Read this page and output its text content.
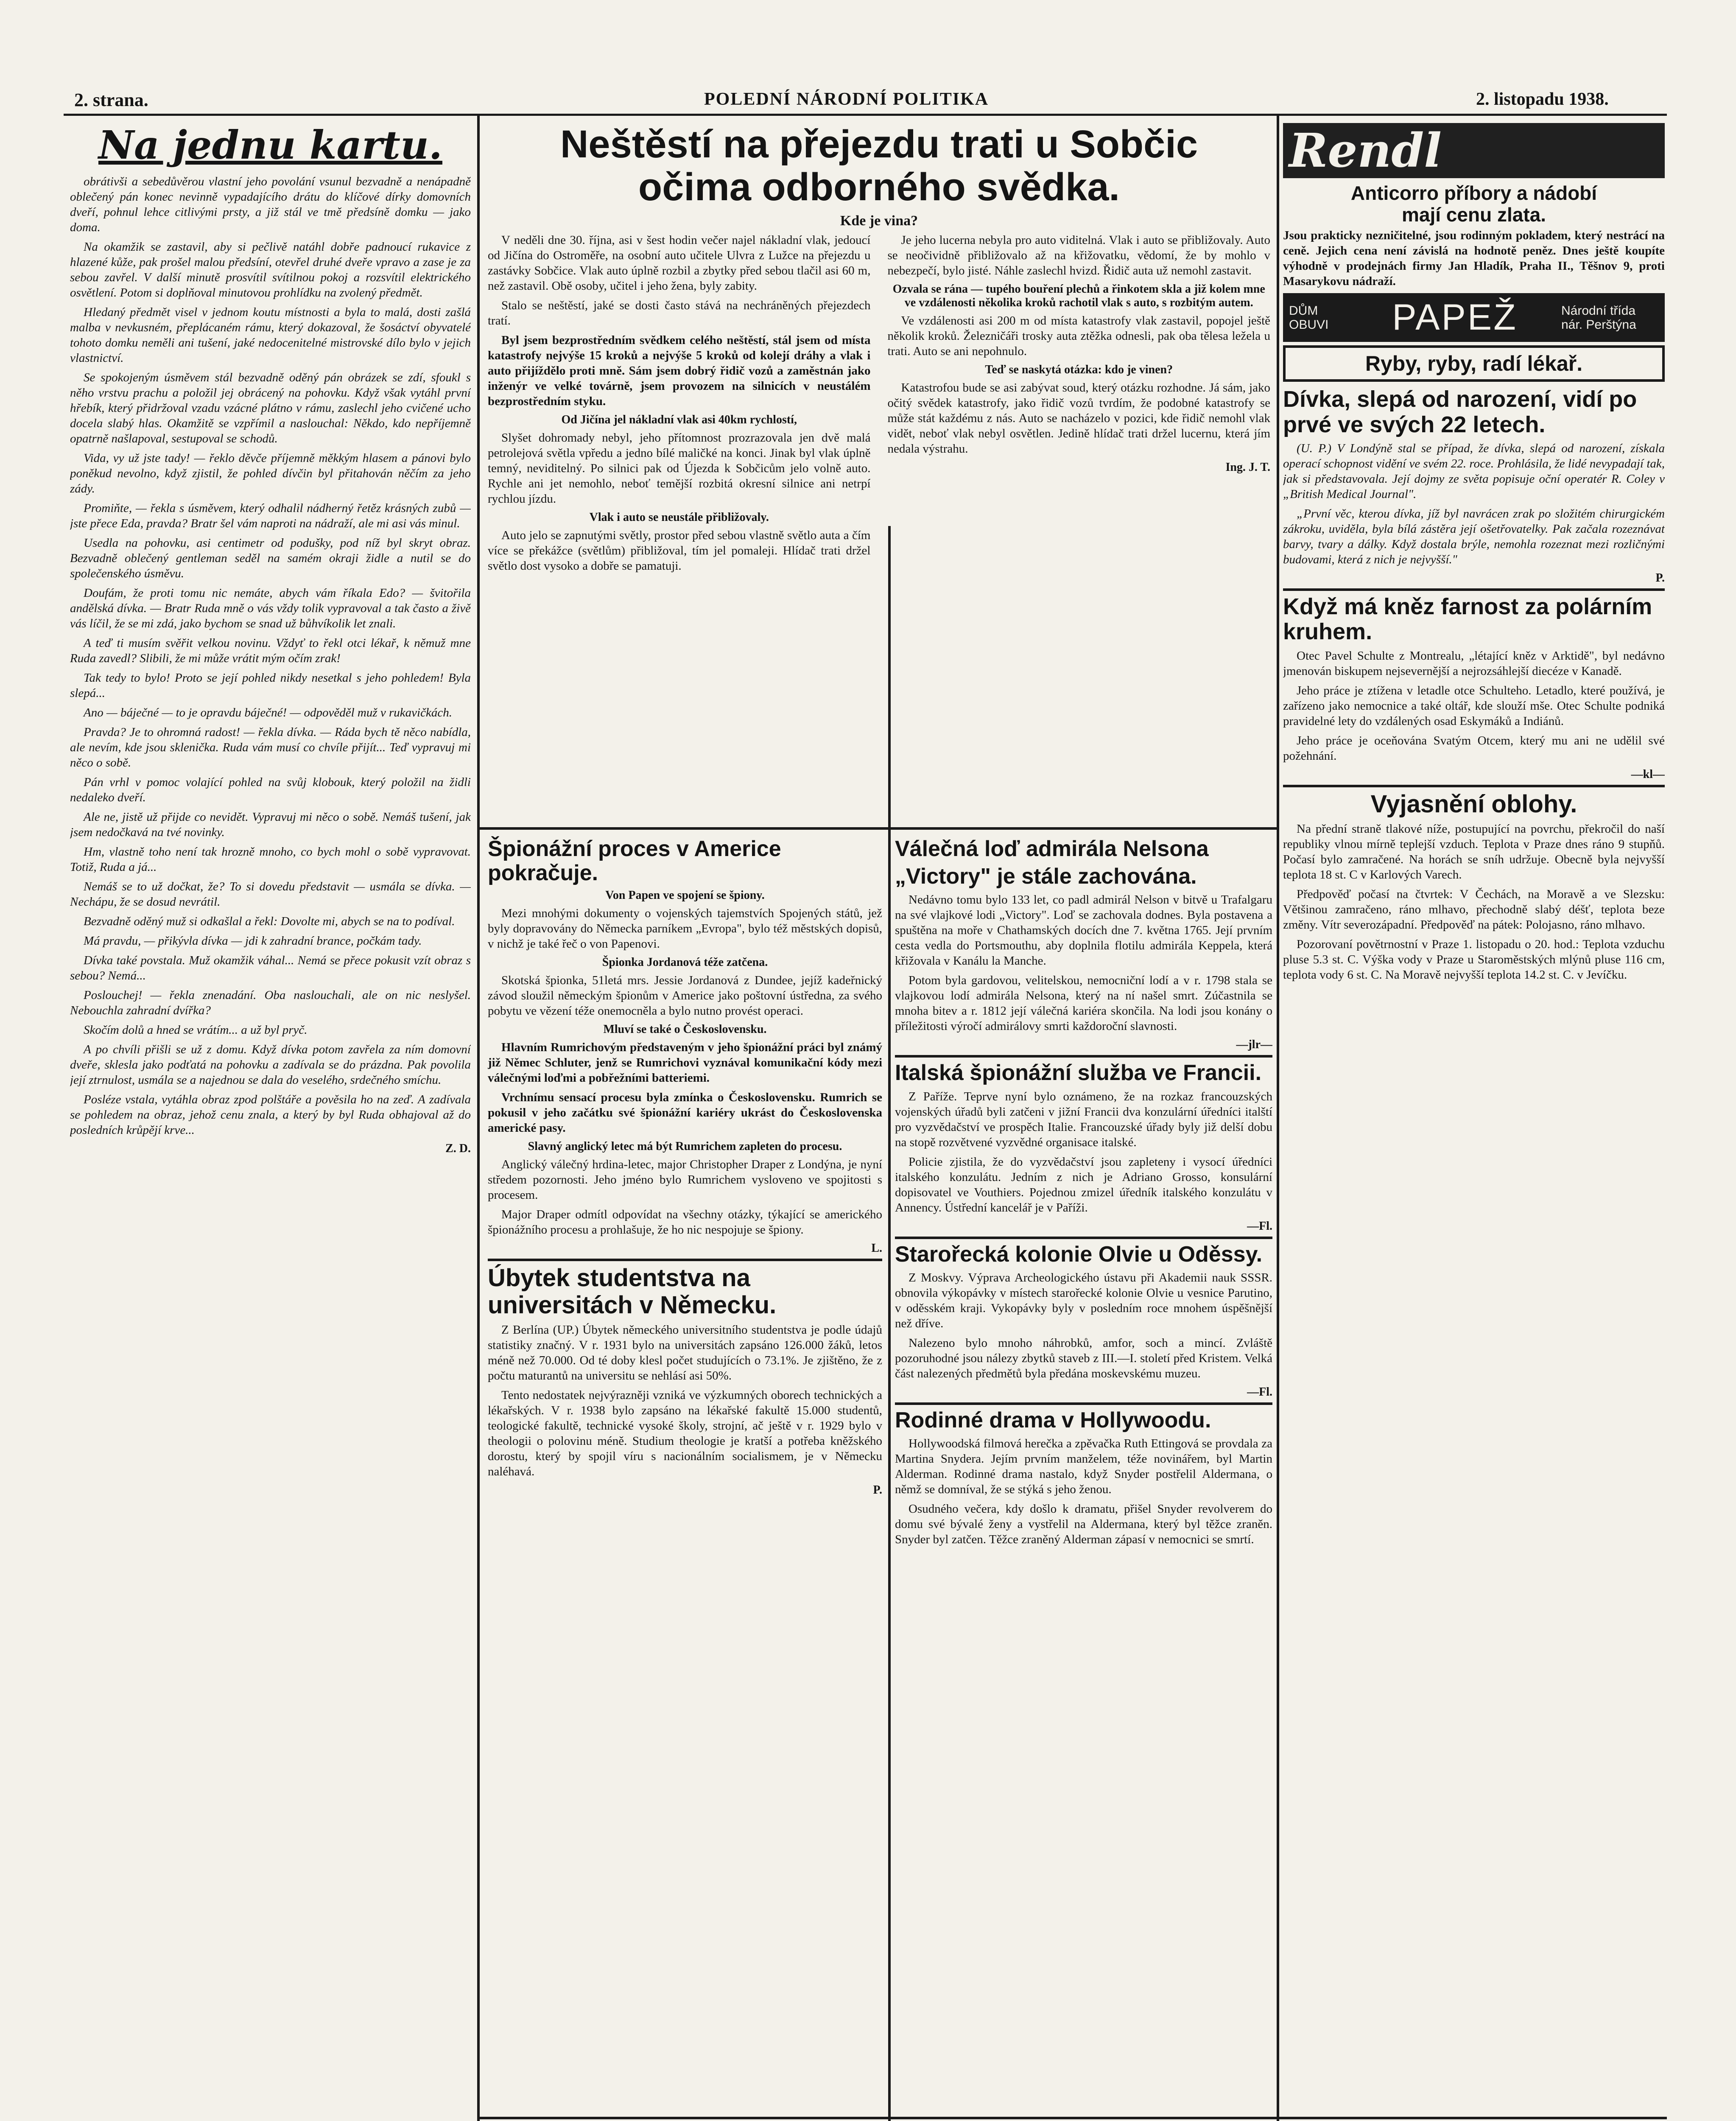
2. strana.	POLEDNÍ NÁRODNÍ POLITIKA	2. listopadu 1938.
Na jednu kartu.

obrátivši a sebedůvěrou vlastní jeho povolání vsunul bezvadně a nenápadně oblečený pán konec nevinně vypadajícího drátu do klíčové dírky domovních dveří, pohnul lehce citlivými prsty, a již stál ve tmě předsíně domku — jako doma.

Na okamžik se zastavil, aby si pečlivě natáhl dobře padnoucí rukavice z hlazené kůže, pak prošel malou předsíní, otevřel druhé dveře vpravo a zase je za sebou zavřel. V další minutě prosvítil svítilnou pokoj a rozsvítil elektrického osvětlení. Potom si doplňoval minutovou prohlídku na zvolený předmět.

Hledaný předmět visel v jednom koutu místnosti a byla to malá, dosti zašlá malba v nevkusném, přeplácaném rámu, který dokazoval, že šosáctví obyvatelé tohoto domku neměli ani tušení, jaké nedocenitelné mistrovské dílo bylo v jejich vlastnictví.

Se spokojeným úsměvem stál bezvadně oděný pán obrázek se zdí, sfoukl s něho vrstvu prachu a položil jej obrácený na pohovku. Když však vytáhl první hřebík, který přidržoval vzadu vzácné plátno v rámu, zaslechl jeho cvičené ucho docela slabý hlas. Okamžitě se vzpřímil a naslouchal: Někdo, kdo nepříjemně opatrně našlapoval, sestupoval se schodů.

Vida, vy už jste tady! — řeklo děvče příjemně měkkým hlasem a pánovi bylo poněkud nevolno, když zjistil, že pohled dívčin byl přitahován něčím za jeho zády.

Promiňte, — řekla s úsměvem, který odhalil nádherný řetěz krásných zubů — jste přece Eda, pravda? Bratr šel vám naproti na nádraží, ale mi asi vás minul.

Usedla na pohovku, asi centimetr od podušky, pod níž byl skryt obraz. Bezvadně oblečený gentleman seděl na samém okraji židle a nutil se do společenského úsměvu.

Doufám, že proti tomu nic nemáte, abych vám říkala Edo? — švitořila andělská dívka. — Bratr Ruda mně o vás vždy tolik vypravoval a tak často a živě vás líčil, že se mi zdá, jako bychom se snad už bůhvíkolik let znali.

A teď ti musím svěřit velkou novinu. Vždyť to řekl otci lékař, k němuž mne Ruda zavedl? Slibili, že mi může vrátit mým očím zrak!

Tak tedy to bylo! Proto se její pohled nikdy nesetkal s jeho pohledem! Byla slepá...

Ano — báječné — to je opravdu báječné! — odpověděl muž v rukavičkách.

Pravda? Je to ohromná radost! — řekla dívka. — Ráda bych tě něco nabídla, ale nevím, kde jsou sklenička. Ruda vám musí co chvíle přijít... Teď vypravuj mi něco o sobě.

Pán vrhl v pomoc volající pohled na svůj klobouk, který položil na židli nedaleko dveří.

Ale ne, jistě už přijde co nevidět. Vypravuj mi něco o sobě. Nemáš tušení, jak jsem nedočkavá na tvé novinky.

Hm, vlastně toho není tak hrozně mnoho, co bych mohl o sobě vypravovat. Totiž, Ruda a já...

Nemáš se to už dočkat, že? To si dovedu představit — usmála se dívka. — Nechápu, že se dosud nevrátil.

Bezvadně oděný muž si odkašlal a řekl: Dovolte mi, abych se na to podíval.

Má pravdu, — přikývla dívka — jdi k zahradní brance, počkám tady.

Dívka také povstala. Muž okamžik váhal... Nemá se přece pokusit vzít obraz s sebou? Nemá...

Poslouchej! — řekla znenadání. Oba naslouchali, ale on nic neslyšel. Nebouchla zahradní dvířka?

Skočím dolů a hned se vrátím... a už byl pryč.

A po chvíli přišli se už z domu. Když dívka potom zavřela za ním domovní dveře, sklesla jako podťatá na pohovku a zadívala se do prázdna. Pak povolila její ztrnulost, usmála se a najednou se dala do veselého, srdečného smíchu.

Posléze vstala, vytáhla obraz zpod polštáře a pověsila ho na zeď. A zadívala se pohledem na obraz, jehož cenu znala, a který by byl Ruda obhajoval až do posledních krůpějí krve...

Z. D.
Neštěstí na přejezdu trati u Sobčic
očima odborného svědka.
Kde je vina?

V neděli dne 30. října, asi v šest hodin večer najel nákladní vlak, jedoucí od Jičína do Ostroměře, na osobní auto učitele Ulvra z Lužce na přejezdu u zastávky Sobčice. Vlak auto úplně rozbil a zbytky před sebou tlačil asi 60 m, než zastavil. Obě osoby, učitel i jeho žena, byly zabity.

Stalo se neštěstí, jaké se dosti často stává na nechráněných přejezdech tratí.

Byl jsem bezprostředním svědkem celého neštěstí, stál jsem od místa katastrofy nejvýše 15 kroků a nejvýše 5 kroků od kolejí dráhy a vlak i auto přijíždělo proti mně. Sám jsem dobrý řidič vozů a zaměstnán jako inženýr ve velké továrně, jsem provozem na silnicích v neustálém bezprostředním styku.

Od Jičína jel nákladní vlak asi 40km rychlostí,

Slyšet dohromady nebyl, jeho přítomnost prozrazovala jen dvě malá petrolejová světla vpředu a jedno bílé maličké na konci. Jinak byl vlak úplně temný, neviditelný. Po silnici pak od Újezda k Sobčicům jelo volně auto. Rychle ani jet nemohlo, neboť temější rozbitá okresní silnice ani netrpí rychlou jízdu.

Vlak i auto se neustále přibližovaly.

Auto jelo se zapnutými světly, prostor před sebou vlastně světlo auta a čím více se překážce (světlům) přibližoval, tím jel pomaleji. Hlídač trati držel světlo dost vysoko a dobře se pamatuji.

Je jeho lucerna nebyla pro auto viditelná. Vlak i auto se přibližovaly. Auto se neočividně přibližovalo až na křižovatku, vědomí, že by mohlo v nebezpečí, bylo jisté. Náhle zaslechl hvizd. Řidič auta už nemohl zastavit.

Ozvala se rána — tupého bouření plechů a řinkotem skla a již kolem mne ve vzdálenosti několika kroků rachotil vlak s auto, s rozbitým autem.

Ve vzdálenosti asi 200 m od místa katastrofy vlak zastavil, popojel ještě několik kroků. Železničáři trosky auta ztěžka odnesli, pak oba tělesa ležela u trati. Auto se ani nepohnulo.

Teď se naskytá otázka: kdo je vinen?

Katastrofou bude se asi zabývat soud, který otázku rozhodne. Já sám, jako očitý svědek katastrofy, jako řidič vozů tvrdím, že podobné katastrofy se může stát každému z nás. Auto se nacházelo v pozici, kde řidič nemohl vlak vidět, neboť vlak nebyl osvětlen. Jedině hlídač trati držel lucernu, která jím nedala výstrahu.

Ing. J. T.
Špionážní proces v Americe pokračuje.
Von Papen ve spojení se špiony.

Mezi mnohými dokumenty o vojenských tajemstvích Spojených států, jež byly dopravovány do Německa parníkem „Evropa", bylo též městských dopisů, v nichž je také řeč o von Papenovi.

Špionka Jordanová téže zatčena.

Skotská špionka, 51letá mrs. Jessie Jordanová z Dundee, jejíž kadeřnický závod sloužil německým špionům v Americe jako poštovní ústředna, za svého pobytu ve vězení téže onemocněla a bylo nutno provést operaci.

Mluví se také o Československu.

Hlavním Rumrichovým představeným v jeho špionážní práci byl známý již Němec Schluter, jenž se Rumrichovi vyznával komunikační kódy mezi válečnými loďmi a pobřežními batteriemi.

Vrchnímu sensací procesu byla zmínka o Československu. Rumrich se pokusil v jeho začátku své špionážní kariéry ukrást do Československa americké pasy.

Slavný anglický letec má být Rumrichem zapleten do procesu.

Anglický válečný hrdina-letec, major Christopher Draper z Londýna, je nyní středem pozornosti. Jeho jméno bylo Rumrichem vysloveno ve spojitosti s procesem.

Major Draper odmítl odpovídat na všechny otázky, týkající se amerického špionážního procesu a prohlašuje, že ho nic nespojuje se špiony.

L.
Úbytek studentstva na universitách v Německu.

Z Berlína (UP.) Úbytek německého universitního studentstva je podle údajů statistiky značný. V r. 1931 bylo na universitách zapsáno 126.000 žáků, letos méně než 70.000. Od té doby klesl počet studujících o 73.1%. Je zjištěno, že z počtu maturantů na universitu se nehlásí asi 50%.

Tento nedostatek nejvýrazněji vzniká ve výzkumných oborech technických a lékařských. V r. 1938 bylo zapsáno na lékařské fakultě 15.000 studentů, teologické fakultě, technické vysoké školy, strojní, ač ještě v r. 1929 bylo v theologii o polovinu méně. Studium theologie je kratší a potřeba kněžského dorostu, který by spojil víru s nacionálním socialismem, je v Německu naléhavá.

P.
Válečná loď admirála Nelsona
„Victory" je stále zachována.

Nedávno tomu bylo 133 let, co padl admirál Nelson v bitvě u Trafalgaru na své vlajkové lodi „Victory". Loď se zachovala dodnes. Byla postavena a spuštěna na moře v Chathamských docích dne 7. května 1765. Její prvním cesta vedla do Portsmouthu, aby doplnila flotilu admirála Keppela, která křižovala v Kanálu la Manche.

Potom byla gardovou, velitelskou, nemocniční lodí a v r. 1798 stala se vlajkovou lodí admirála Nelsona, který na ní našel smrt. Zúčastnila se mnoha bitev a r. 1812 její válečná kariéra skončila. Na lodi jsou konány o příležitosti výročí admirálovy smrti každoroční slavnosti.

—jlr—
Italská špionážní služba ve Francii.

Z Paříže. Teprve nyní bylo oznámeno, že na rozkaz francouzských vojenských úřadů byli zatčeni v jižní Francii dva konzulární úředníci italští pro vyzvědačství ve prospěch Italie. Francouzské úřady byly již delší dobu na stopě rozvětvené vyzvědné organisace italské.

Policie zjistila, že do vyzvědačství jsou zapleteny i vysocí úředníci italského konzulátu. Jedním z nich je Adriano Grosso, konsulární dopisovatel ve Vouthiers. Pojednou zmizel úředník italského konzulátu v Annency. Ústřední kancelář je v Paříži.

—Fl.
Starořecká kolonie Olvie u Oděssy.

Z Moskvy. Výprava Archeologického ústavu při Akademii nauk SSSR. obnovila výkopávky v místech starořecké kolonie Olvie u vesnice Parutino, v oděsském kraji. Vykopávky byly v posledním roce mnohem úspěšnější než dříve.

Nalezeno bylo mnoho náhrobků, amfor, soch a mincí. Zvláště pozoruhodné jsou nálezy zbytků staveb z III.—I. století před Kristem. Velká část nalezených předmětů byla předána moskevskému muzeu.

—Fl.
Rodinné drama v Hollywoodu.

Hollywoodská filmová herečka a zpěvačka Ruth Ettingová se provdala za Martina Snydera. Jejím prvním manželem, téže novinářem, byl Martin Alderman. Rodinné drama nastalo, když Snyder postřelil Aldermana, o němž se domníval, že se stýká s jeho ženou.

Osudného večera, kdy došlo k dramatu, přišel Snyder revolverem do domu své bývalé ženy a vystřelil na Aldermana, který byl těžce zraněn. Snyder byl zatčen. Těžce zraněný Alderman zápasí v nemocnici se smrtí.

Rendl
Anticorro příbory a nádobí
mají cenu zlata.

Jsou prakticky nezničitelné, jsou rodinným pokladem, který nestrácí na ceně. Jejich cena není závislá na hodnotě peněz. Dnes ještě koupíte výhodně v prodejnách firmy Jan Hladík, Praha II., Těšnov 9, proti Masarykovu nádraží.

DŮM
OBUVI	PAPEŽ	Národní třída
nár. Perštýna
Ryby, ryby, radí lékař.
Dívka, slepá od narození, vidí po prvé ve svých 22 letech.

(U. P.) V Londýně stal se případ, že dívka, slepá od narození, získala operací schopnost vidění ve svém 22. roce. Prohlásila, že lidé nevypadají tak, jak si představovala. Její dojmy ze světa popisuje oční operatér R. Coley v „British Medical Journal".

„První věc, kterou dívka, jíž byl navrácen zrak po složitém chirurgickém zákroku, uviděla, byla bílá zástěra její ošetřovatelky. Pak začala rozeznávat barvy, tvary a dálky. Když dostala brýle, nemohla rozeznat mezi rozličnými budovami, která z nich je nejvyšší."

P.
Když má kněz farnost za polárním kruhem.

Otec Pavel Schulte z Montrealu, „létající kněz v Arktidě", byl nedávno jmenován biskupem nejsevernější a nejrozsáhlejší diecéze v Kanadě.

Jeho práce je ztížena v letadle otce Schulteho. Letadlo, které používá, je zařízeno jako nemocnice a také oltář, kde slouží mše. Otec Schulte podniká pravidelné lety do vzdálených osad Eskymáků a Indiánů.

Jeho práce je oceňována Svatým Otcem, který mu ani ne udělil své požehnání.

—kl—
Vyjasnění oblohy.

Na přední straně tlakové níže, postupující na povrchu, překročil do naší republiky vlnou mírně teplejší vzduch. Teplota v Praze dnes ráno 9 stupňů. Počasí bylo zamračené. Na horách se sníh udržuje. Obecně byla nejvyšší teplota 18 st. C v Karlových Varech.

Předpověď počasí na čtvrtek: V Čechách, na Moravě a ve Slezsku: Většinou zamračeno, ráno mlhavo, přechodně slabý déšť, teplota beze změny. Vítr severozápadní. Předpověď na pátek: Polojasno, ráno mlhavo.

Pozorovaní povětrnostní v Praze 1. listopadu o 20. hod.: Teplota vzduchu pluse 5.3 st. C. Výška vody v Praze u Staroměstských mlýnů pluse 116 cm, teplota vody 6 st. C. Na Moravě nejvyšší teplota 14.2 st. C. v Jevíčku.
